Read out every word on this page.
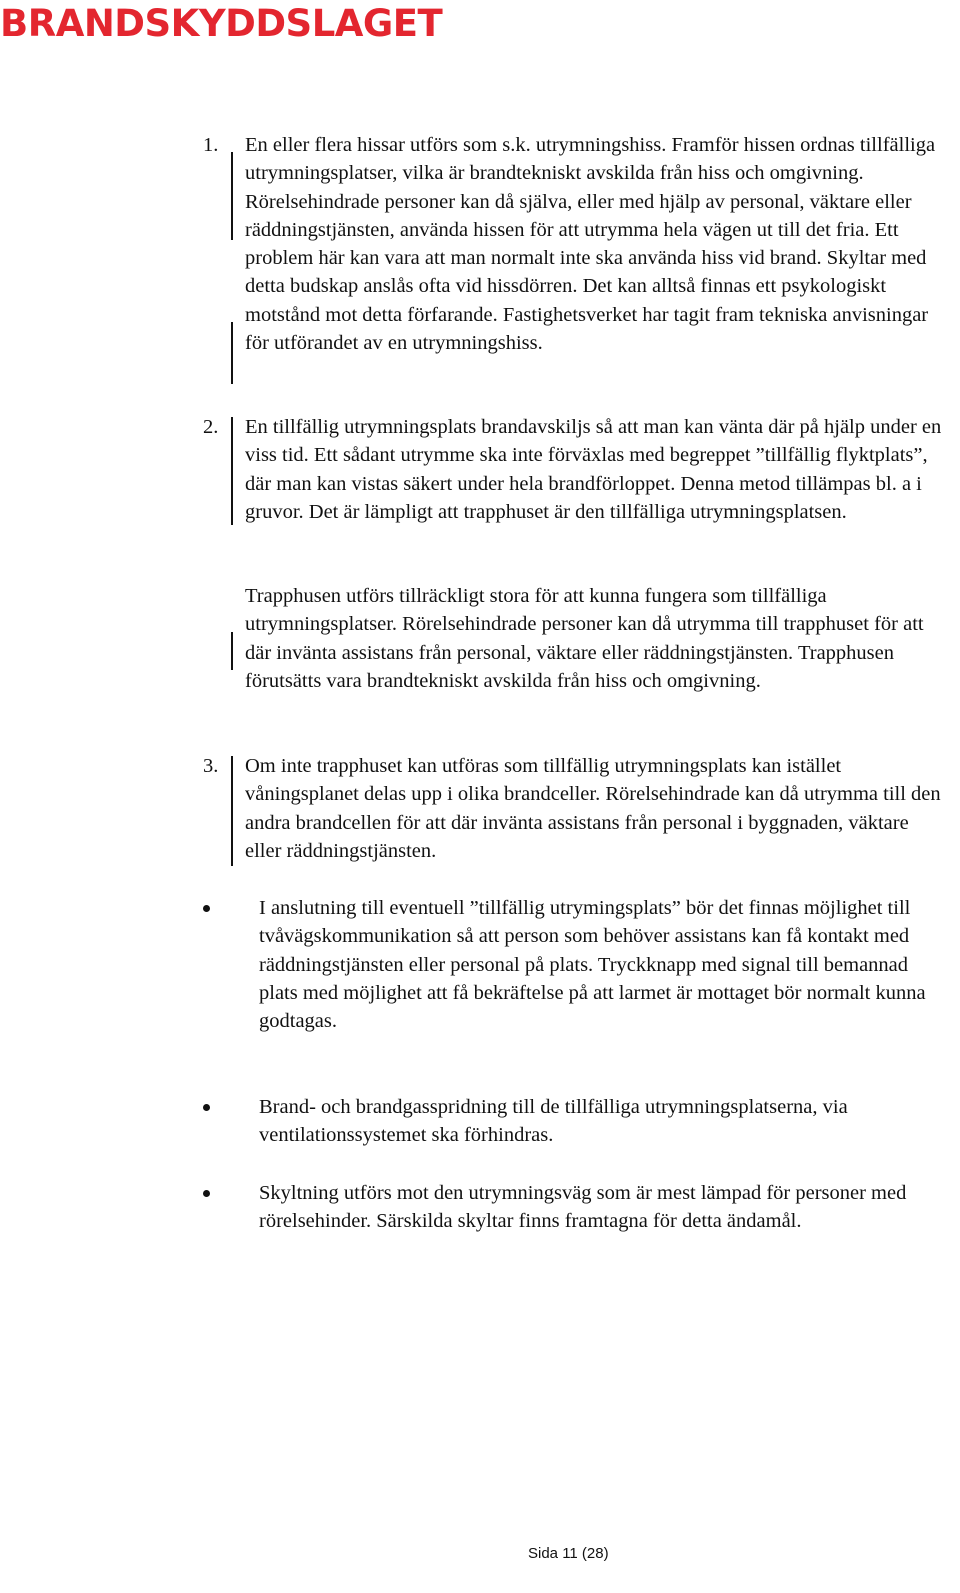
BRANDSKYDDSLAGET
1. En eller flera hissar utförs som s.k. utrymningshiss. Framför hissen ordnas tillfälliga utrymningsplatser, vilka är brandtekniskt avskilda från hiss och omgivning. Rörelsehindrade personer kan då själva, eller med hjälp av personal, väktare eller räddningstjänsten, använda hissen för att utrymma hela vägen ut till det fria. Ett problem här kan vara att man normalt inte ska använda hiss vid brand. Skyltar med detta budskap anslås ofta vid hissdörren. Det kan alltså finnas ett psykologiskt motstånd mot detta förfarande. Fastighetsverket har tagit fram tekniska anvisningar för utförandet av en utrymningshiss.

2. En tillfällig utrymningsplats brandavskiljs så att man kan vänta där på hjälp under en viss tid. Ett sådant utrymme ska inte förväxlas med begreppet ”tillfällig flyktplats”, där man kan vistas säkert under hela brandförloppet. Denna metod tillämpas bl. a i gruvor. Det är lämpligt att trapphuset är den tillfälliga utrymningsplatsen.

Trapphusen utförs tillräckligt stora för att kunna fungera som tillfälliga utrymningsplatser. Rörelsehindrade personer kan då utrymma till trapphuset för att där invänta assistans från personal, väktare eller räddningstjänsten. Trapphusen förutsätts vara brandtekniskt avskilda från hiss och omgivning.

3. Om inte trapphuset kan utföras som tillfällig utrymningsplats kan istället våningsplanet delas upp i olika brandceller. Rörelsehindrade kan då utrymma till den andra brandcellen för att där invänta assistans från personal i byggnaden, väktare eller räddningstjänsten.

I anslutning till eventuell ”tillfällig utrymingsplats” bör det finnas möjlighet till tvåvägskommunikation så att person som behöver assistans kan få kontakt med räddningstjänsten eller personal på plats. Tryckknapp med signal till bemannad plats med möjlighet att få bekräftelse på att larmet är mottaget bör normalt kunna godtagas.

Brand- och brandgasspridning till de tillfälliga utrymningsplatserna, via ventilationssystemet ska förhindras.

Skyltning utförs mot den utrymningsväg som är mest lämpad för personer med rörelsehinder. Särskilda skyltar finns framtagna för detta ändamål.

Sida 11 (28)
